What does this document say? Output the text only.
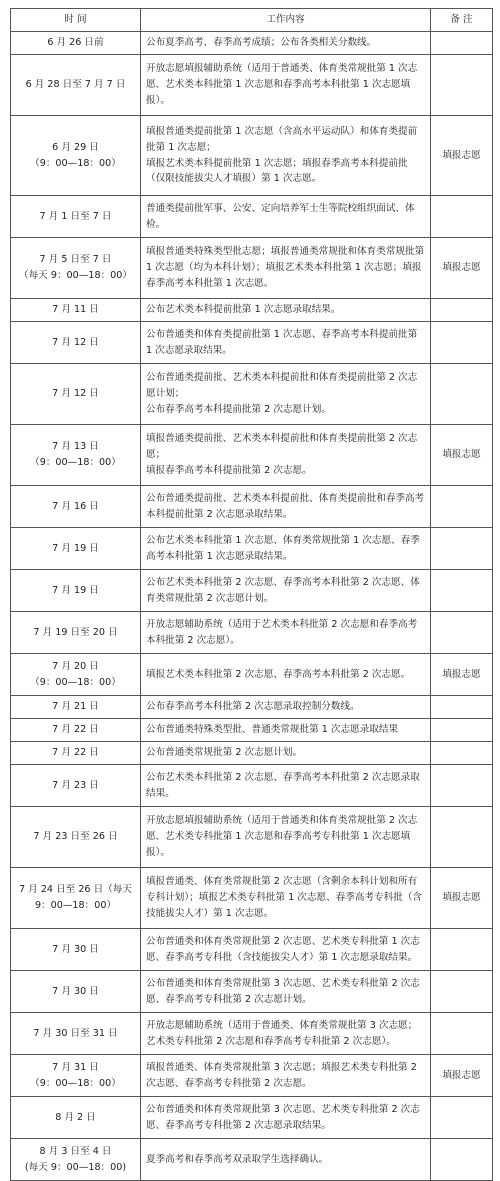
时 间	工作内容	备 注

6 月 26 日前	公布夏季高考、春季高考成绩；公布各类相关分数线。	

6 月 28 日至 7 月 7 日	开放志愿填报辅助系统（适用于普通类、体育类常规批第 1 次志愿、艺术类本科批第 1 次志愿和春季高考本科批第 1 次志愿填报）。	

6 月 29 日
（9：00—18：00）	填报普通类提前批第 1 次志愿（含高水平运动队）和体育类提前批第 1 次志愿；
填报艺术类本科提前批第 1 次志愿；填报春季高考本科提前批（仅限技能拔尖人才填报）第 1 次志愿。	填报志愿

7 月 1 日至 7 日	普通类提前批军事、公安、定向培养军士生等院校组织面试、体检。	

7 月 5 日至 7 日
（每天 9：00—18：00）	填报普通类特殊类型批志愿；填报普通类常规批和体育类常规批第 1 次志愿（均为本科计划）；填报艺术类本科批第 1 次志愿；填报春季高考本科批第 1 次志愿。	填报志愿

7 月 11 日	公布艺术类本科提前批第 1 次志愿录取结果。	

7 月 12 日	公布普通类和体育类提前批第 1 次志愿、春季高考本科提前批第 1 次志愿录取结果。	

7 月 12 日	公布普通类提前批、艺术类本科提前批和体育类提前批第 2 次志愿计划；
公布春季高考本科提前批第 2 次志愿计划。	

7 月 13 日
（9：00—18：00）	填报普通类提前批、艺术类本科提前批和体育类提前批第 2 次志愿；
填报春季高考本科提前批第 2 次志愿。	填报志愿

7 月 16 日	公布普通类提前批、艺术类本科提前批、体育类提前批和春季高考本科提前批第 2 次志愿录取结果。	

7 月 19 日	公布艺术类本科批第 1 次志愿、体育类常规批第 1 次志愿、春季高考本科批第 1 次志愿录取结果。	

7 月 19 日	公布艺术类本科批第 2 次志愿、春季高考本科批第 2 次志愿、体育类常规批第 2 次志愿计划。	

7 月 19 日至 20 日	开放志愿辅助系统（适用于艺术类本科批第 2 次志愿和春季高考本科批第 2 次志愿）。	

7 月 20 日
（9：00—18：00）	填报艺术类本科批第 2 次志愿、春季高考本科批第 2 次志愿。	填报志愿

7 月 21 日	公布春季高考本科批第 2 次志愿录取控制分数线。	

7 月 22 日	公布普通类特殊类型批、普通类常规批第 1 次志愿录取结果	

7 月 22 日	公布普通类常规批第 2 次志愿计划。	

7 月 23 日	公布艺术类本科批第 2 次志愿、春季高考本科批第 2 次志愿录取结果。	

7 月 23 日至 26 日	开放志愿填报辅助系统（适用于普通类和体育类常规批第 2 次志愿、艺术类专科批第 1 次志愿和春季高考专科批第 1 次志愿填报）。	

7 月 24 日至 26 日（每天
9：00—18：00）	填报普通类、体育类常规批第 2 次志愿（含剩余本科计划和所有专科计划）；填报艺术类专科批第 1 次志愿、春季高考专科批（含技能拔尖人才）第 1 次志愿。	填报志愿

7 月 30 日	公布普通类和体育类常规批第 2 次志愿、艺术类专科批第 1 次志愿、春季高考专科批（含技能拔尖人才）第 1 次志愿录取结果。	

7 月 30 日	公布普通类和体育类常规批第 3 次志愿、艺术类专科批第 2 次志愿、春季高考专科批第 2 次志愿计划。	

7 月 30 日至 31 日	开放志愿辅助系统（适用于普通类、体育类常规批第 3 次志愿；艺术类专科批第 2 次志愿和春季高考专科批第 2 次志愿）。	

7 月 31 日
（9：00—18：00）	填报普通类、体育类常规批第 3 次志愿；填报艺术类专科批第 2 次志愿、春季高考专科批第 2 次志愿。	填报志愿

8 月 2 日	公布普通类和体育类常规批第 3 次志愿、艺术类专科批第 2 次志愿、春季高考专科批第 2 次志愿录取结果。	

8 月 3 日至 4 日
(每天 9：00—18：00)	夏季高考和春季高考双录取学生选择确认。	
